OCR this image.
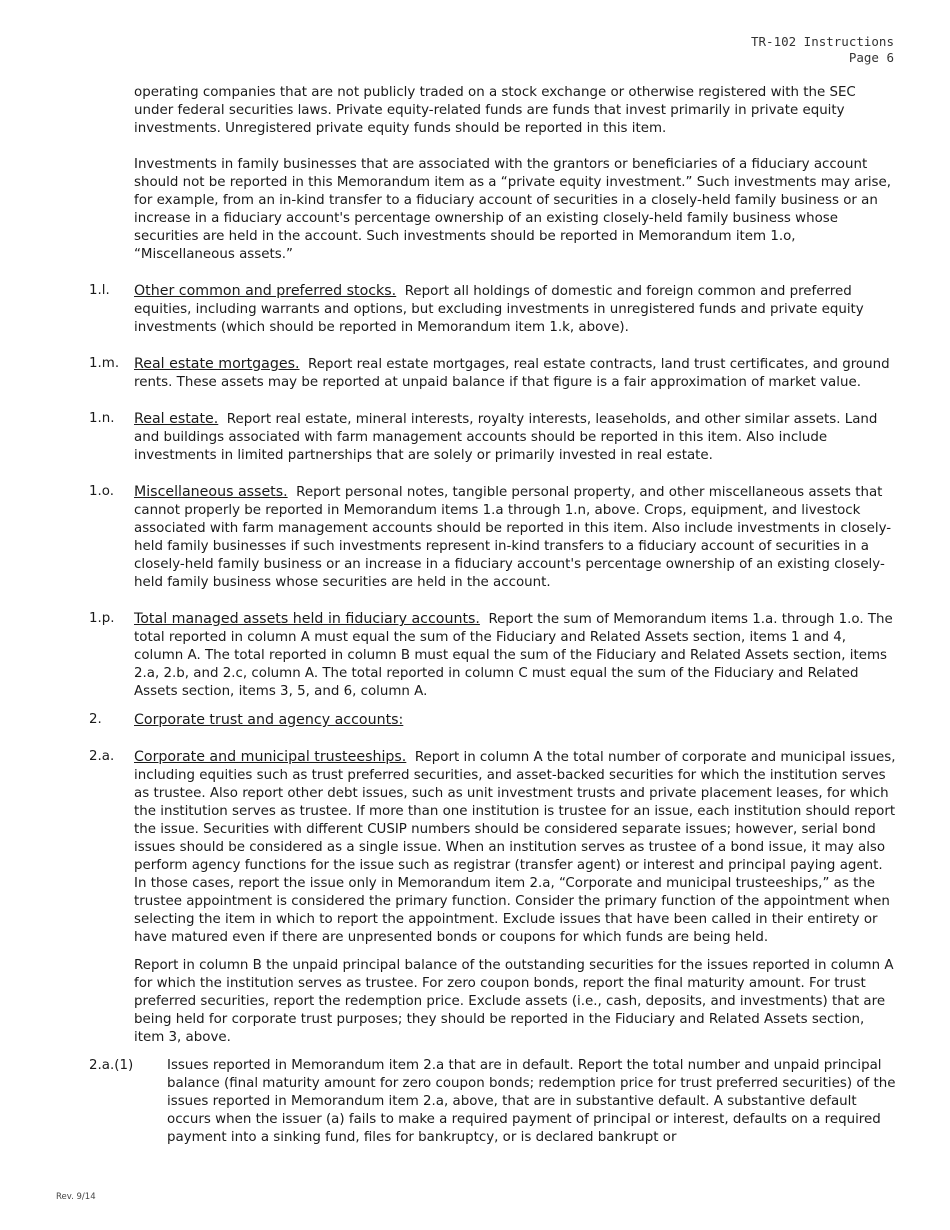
TR-102 Instructions
Page 6

operating companies that are not publicly traded on a stock exchange or otherwise registered with the SEC under federal securities laws. Private equity-related funds are funds that invest primarily in private equity investments. Unregistered private equity funds should be reported in this item.

Investments in family businesses that are associated with the grantors or beneficiaries of a fiduciary account should not be reported in this Memorandum item as a “private equity investment.” Such investments may arise, for example, from an in-kind transfer to a fiduciary account of securities in a closely-held family business or an increase in a fiduciary account's percentage ownership of an existing closely-held family business whose securities are held in the account. Such investments should be reported in Memorandum item 1.o, “Miscellaneous assets.”

1.l. Other common and preferred stocks. Report all holdings of domestic and foreign common and preferred equities, including warrants and options, but excluding investments in unregistered funds and private equity investments (which should be reported in Memorandum item 1.k, above).
1.m. Real estate mortgages. Report real estate mortgages, real estate contracts, land trust certificates, and ground rents. These assets may be reported at unpaid balance if that figure is a fair approximation of market value.
1.n. Real estate. Report real estate, mineral interests, royalty interests, leaseholds, and other similar assets. Land and buildings associated with farm management accounts should be reported in this item. Also include investments in limited partnerships that are solely or primarily invested in real estate.
1.o. Miscellaneous assets. Report personal notes, tangible personal property, and other miscellaneous assets that cannot properly be reported in Memorandum items 1.a through 1.n, above. Crops, equipment, and livestock associated with farm management accounts should be reported in this item. Also include investments in closely-held family businesses if such investments represent in-kind transfers to a fiduciary account of securities in a closely-held family business or an increase in a fiduciary account's percentage ownership of an existing closely-held family business whose securities are held in the account.
1.p. Total managed assets held in fiduciary accounts. Report the sum of Memorandum items 1.a. through 1.o. The total reported in column A must equal the sum of the Fiduciary and Related Assets section, items 1 and 4, column A. The total reported in column B must equal the sum of the Fiduciary and Related Assets section, items 2.a, 2.b, and 2.c, column A. The total reported in column C must equal the sum of the Fiduciary and Related Assets section, items 3, 5, and 6, column A.
2. Corporate trust and agency accounts:
2.a. Corporate and municipal trusteeships. Report in column A the total number of corporate and municipal issues, including equities such as trust preferred securities, and asset-backed securities for which the institution serves as trustee. Also report other debt issues, such as unit investment trusts and private placement leases, for which the institution serves as trustee. If more than one institution is trustee for an issue, each institution should report the issue. Securities with different CUSIP numbers should be considered separate issues; however, serial bond issues should be considered as a single issue. When an institution serves as trustee of a bond issue, it may also perform agency functions for the issue such as registrar (transfer agent) or interest and principal paying agent. In those cases, report the issue only in Memorandum item 2.a, “Corporate and municipal trusteeships,” as the trustee appointment is considered the primary function. Consider the primary function of the appointment when selecting the item in which to report the appointment. Exclude issues that have been called in their entirety or have matured even if there are unpresented bonds or coupons for which funds are being held.

Report in column B the unpaid principal balance of the outstanding securities for the issues reported in column A for which the institution serves as trustee. For zero coupon bonds, report the final maturity amount. For trust preferred securities, report the redemption price. Exclude assets (i.e., cash, deposits, and investments) that are being held for corporate trust purposes; they should be reported in the Fiduciary and Related Assets section, item 3, above.

2.a.(1)	Issues reported in Memorandum item 2.a that are in default. Report the total number and unpaid principal balance (final maturity amount for zero coupon bonds; redemption price for trust preferred securities) of the issues reported in Memorandum item 2.a, above, that are in substantive default. A substantive default occurs when the issuer (a) fails to make a required payment of principal or interest, defaults on a required payment into a sinking fund, files for bankruptcy, or is declared bankrupt or
Rev. 9/14
